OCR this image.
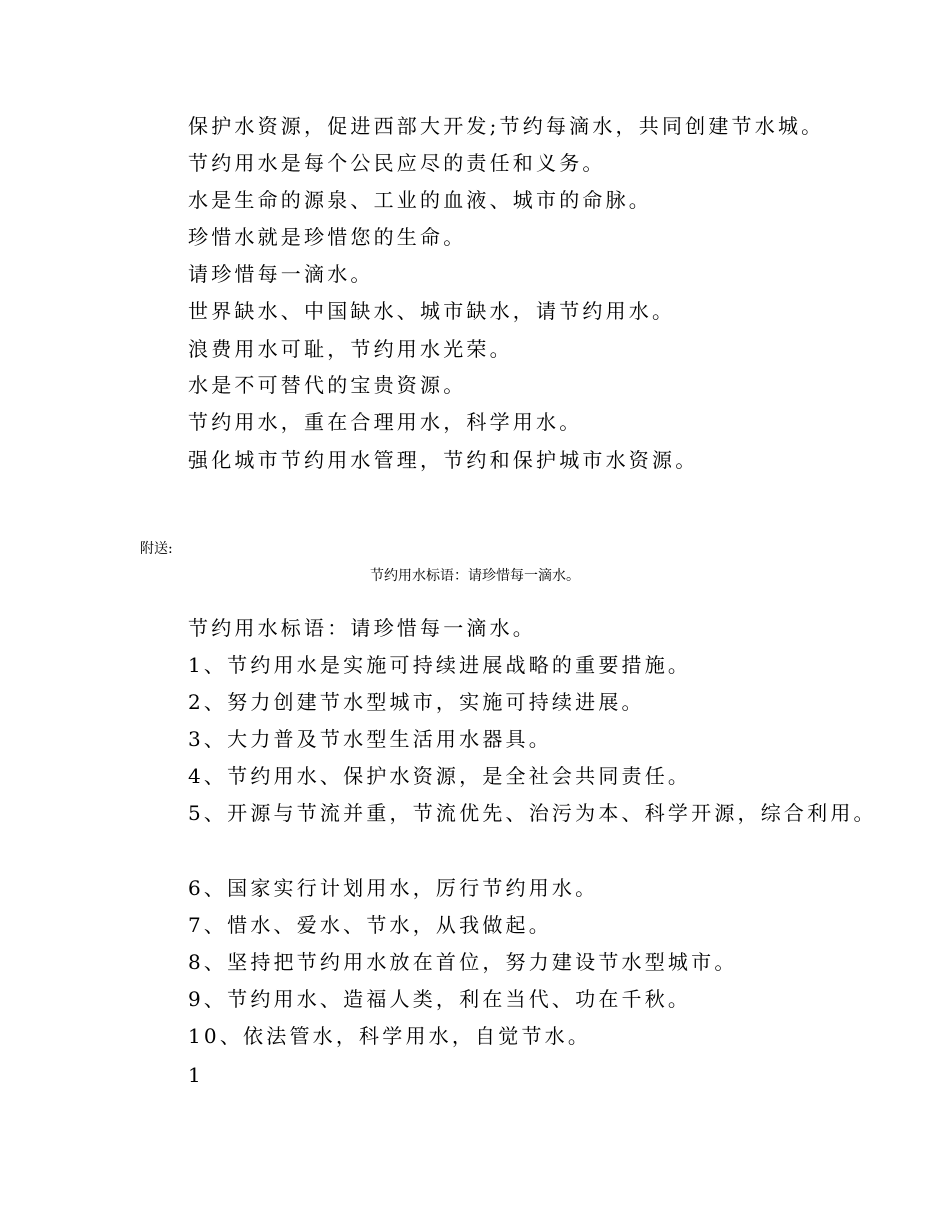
保护水资源，促进西部大开发;节约每滴水，共同创建节水城。
节约用水是每个公民应尽的责任和义务。
水是生命的源泉、工业的血液、城市的命脉。
珍惜水就是珍惜您的生命。
请珍惜每一滴水。
世界缺水、中国缺水、城市缺水，请节约用水。
浪费用水可耻，节约用水光荣。
水是不可替代的宝贵资源。
节约用水，重在合理用水，科学用水。
强化城市节约用水管理，节约和保护城市水资源。
附送:
节约用水标语：请珍惜每一滴水。
节约用水标语：请珍惜每一滴水。
1、节约用水是实施可持续进展战略的重要措施。
2、努力创建节水型城市，实施可持续进展。
3、大力普及节水型生活用水器具。
4、节约用水、保护水资源，是全社会共同责任。
5、开源与节流并重，节流优先、治污为本、科学开源，综合利用。
6、国家实行计划用水，厉行节约用水。
7、惜水、爱水、节水，从我做起。
8、坚持把节约用水放在首位，努力建设节水型城市。
9、节约用水、造福人类，利在当代、功在千秋。
10、依法管水，科学用水，自觉节水。
1
